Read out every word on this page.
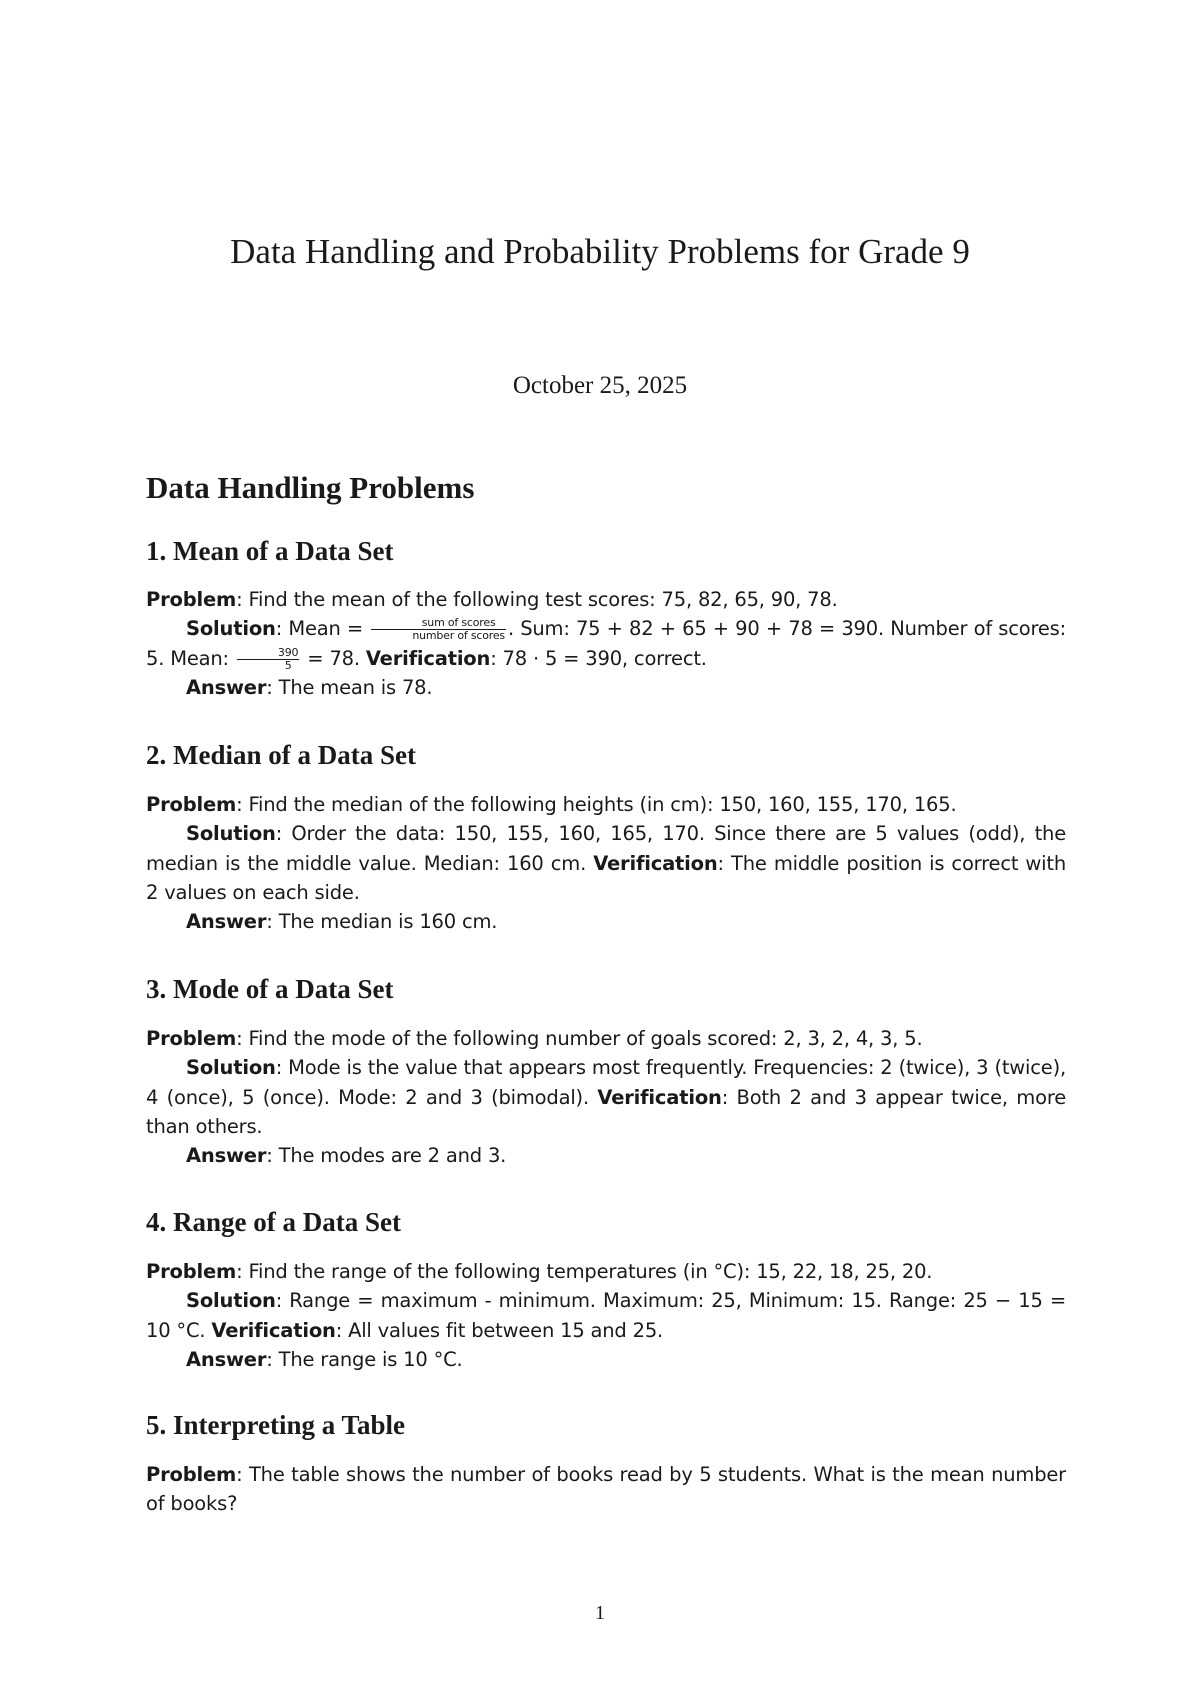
Data Handling and Probability Problems for Grade 9
October 25, 2025
Data Handling Problems
1. Mean of a Data Set

Problem: Find the mean of the following test scores: 75, 82, 65, 90, 78.

Solution: Mean = $\frac{\text{sum of scores}}{\text{number of scores}}$ . Sum: 75 + 82 + 65 + 90 + 78 = 390. Number of scores: 5. Mean: $\frac{390}{5} = 78$. Verification: 78 · 5 = 390, correct.

Answer: The mean is 78.

2. Median of a Data Set

Problem: Find the median of the following heights (in cm): 150, 160, 155, 170, 165.

Solution: Order the data: 150, 155, 160, 165, 170. Since there are 5 values (odd), the median is the middle value. Median: 160 cm. Verification: The middle position is correct with 2 values on each side.

Answer: The median is 160 cm.

3. Mode of a Data Set

Problem: Find the mode of the following number of goals scored: 2, 3, 2, 4, 3, 5.

Solution: Mode is the value that appears most frequently. Frequencies: 2 (twice), 3 (twice), 4 (once), 5 (once). Mode: 2 and 3 (bimodal). Verification: Both 2 and 3 appear twice, more than others.

Answer: The modes are 2 and 3.

4. Range of a Data Set

Problem: Find the range of the following temperatures (in °C): 15, 22, 18, 25, 20.

Solution: Range = maximum - minimum. Maximum: 25, Minimum: 15. Range: 25 − 15 = 10 °C. Verification: All values fit between 15 and 25.

Answer: The range is 10 °C.

5. Interpreting a Table

Problem: The table shows the number of books read by 5 students. What is the mean number of books?

1
